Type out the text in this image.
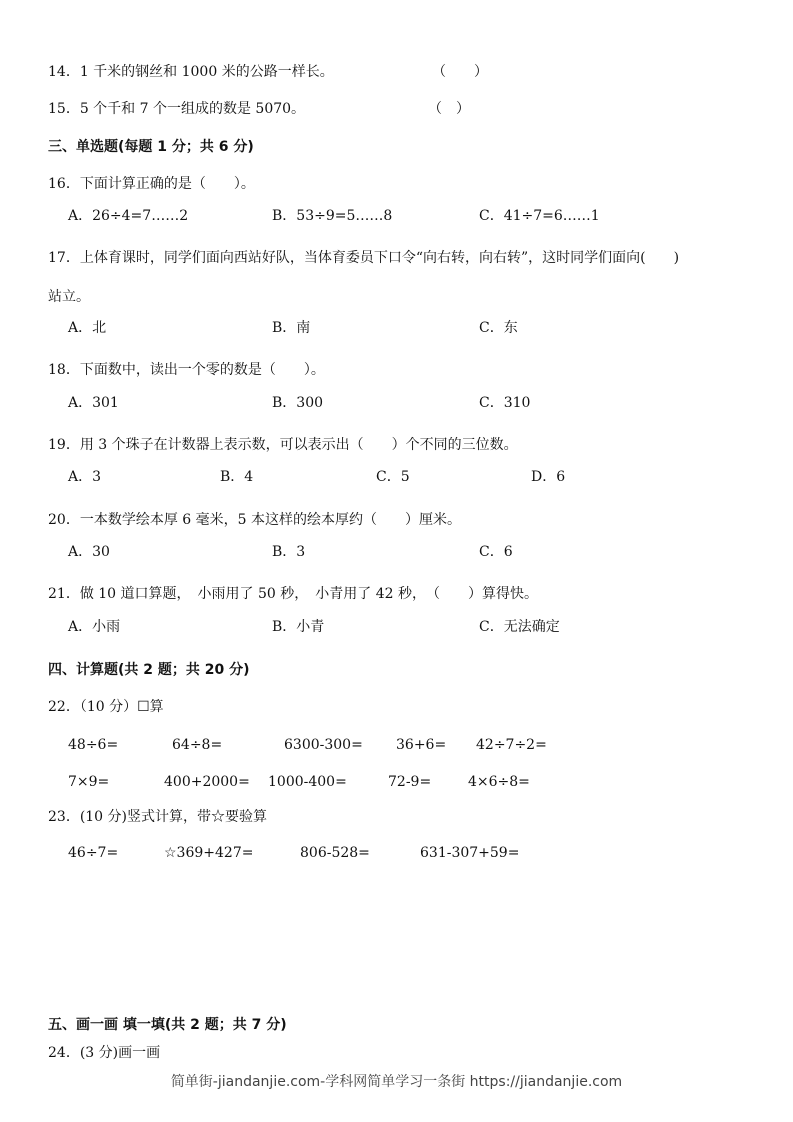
14．1 千米的钢丝和 1000 米的公路一样长。	（　　）
15．5 个千和 7 个一组成的数是 5070。	（　）
三、单选题(每题 1 分；共 6 分)
16．下面计算正确的是（　　）。
A．26÷4=7……2	B．53÷9=5……8	C．41÷7=6……1
17．上体育课时，同学们面向西站好队，当体育委员下口令“向右转，向右转”，这时同学们面向(　　)
站立。
A．北	B．南	C．东
18．下面数中，读出一个零的数是（　　）。
A．301	B．300	C．310
19．用 3 个珠子在计数器上表示数，可以表示出（　　）个不同的三位数。
A．3	B．4	C．5	D．6
20．一本数学绘本厚 6 毫米，5 本这样的绘本厚约（　　）厘米。
A．30	B．3	C．6
21．做 10 道口算题，　小雨用了 50 秒，　小青用了 42 秒，　（　　）算得快。
A．小雨	B．小青	C．无法确定
四、计算题(共 2 题；共 20 分)
22．（10 分）☐算
48÷6=	64÷8=	6300-300= 36+6= 42÷7÷2=
7×9=	400+2000= 1000-400=	72-9=	4×6÷8=
23．(10 分)竖式计算，带☆要验算
46÷7=	☆369+427=	806-528=	631-307+59=
五、画一画 填一填(共 2 题；共 7 分)
24．(3 分)画一画
简单街-jiandanjie.com-学科网简单学习一条街 https://jiandanjie.com
